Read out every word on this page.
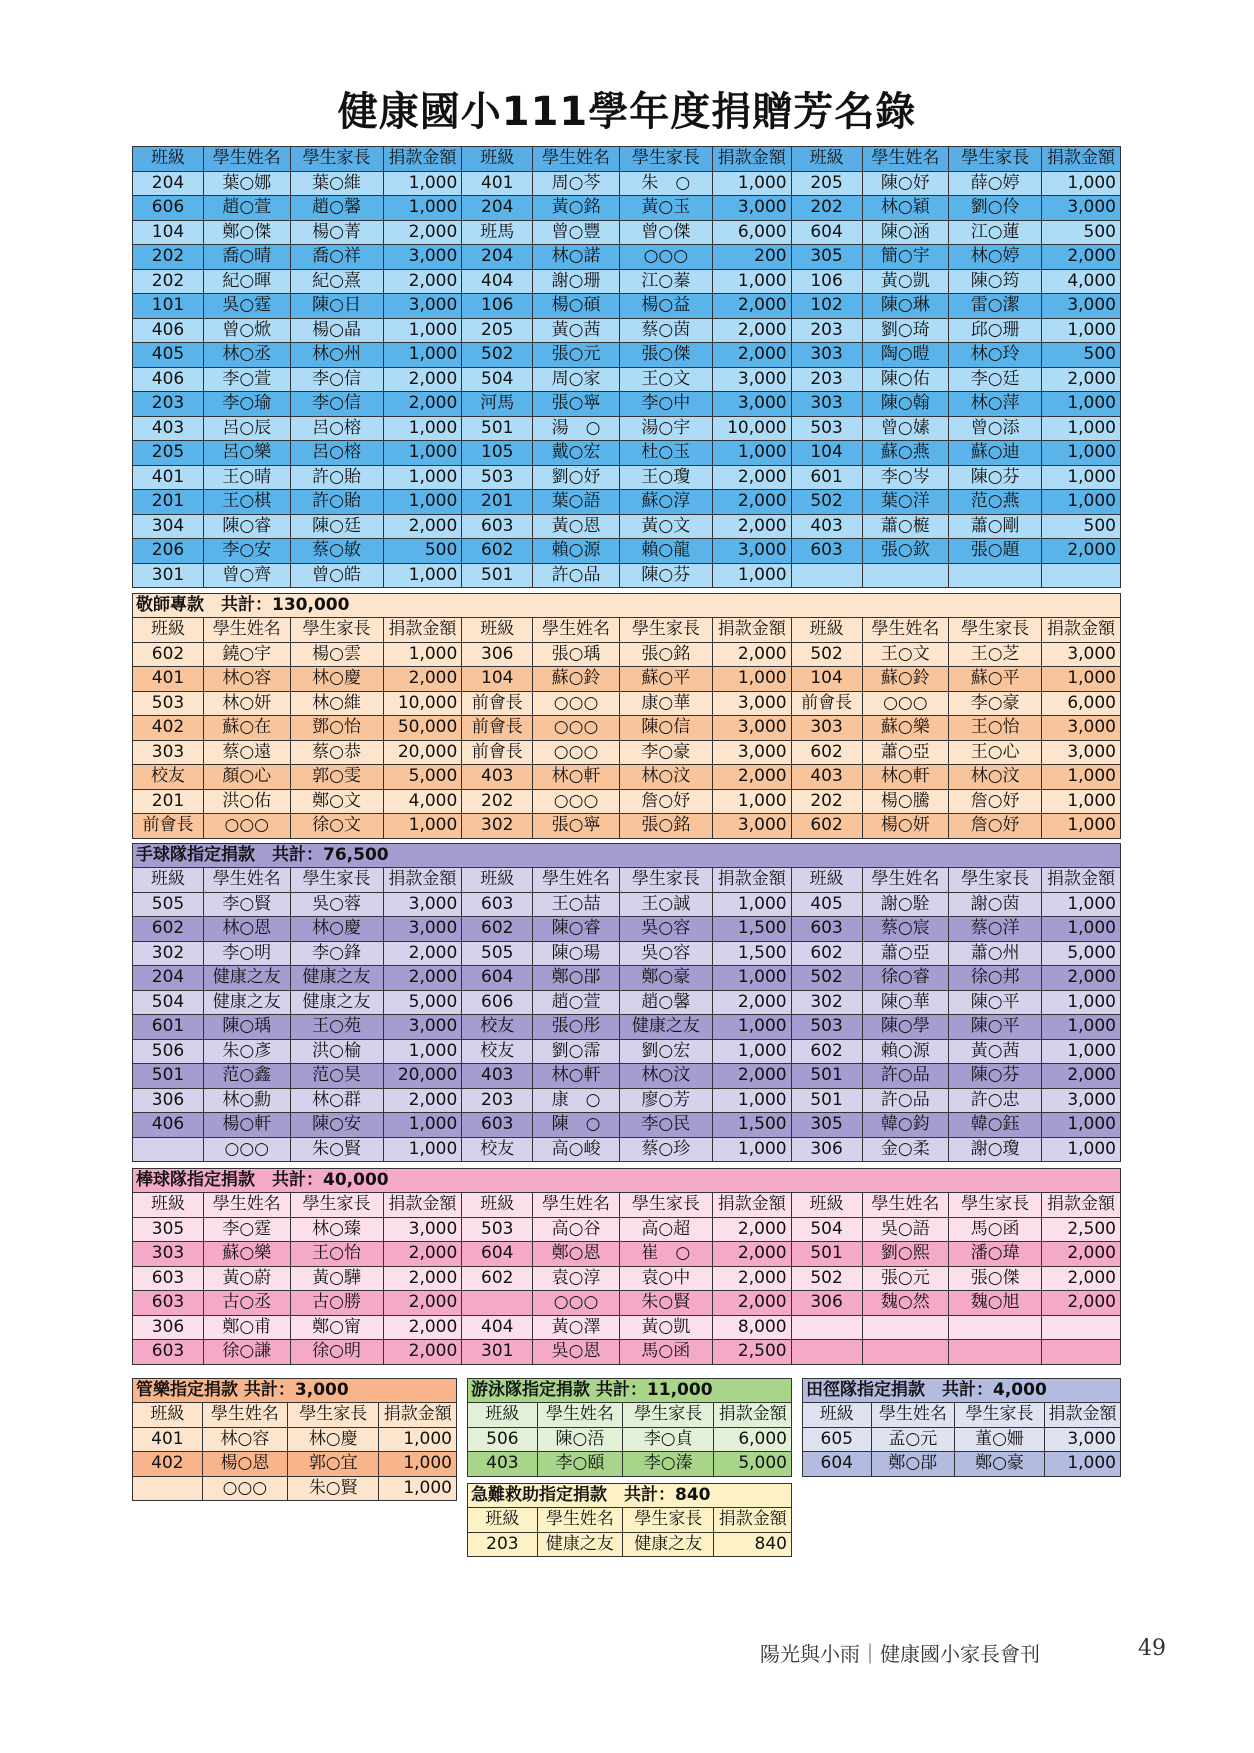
健康國小111學年度捐贈芳名錄
班級	學生姓名	學生家長	捐款金額	班級	學生姓名	學生家長	捐款金額	班級	學生姓名	學生家長	捐款金額
204	葉○娜	葉○維	1,000	401	周○芩	朱　○	1,000	205	陳○妤	薛○婷	1,000
606	趙○萱	趙○馨	1,000	204	黃○銘	黃○玉	3,000	202	林○穎	劉○伶	3,000
104	鄭○傑	楊○菁	2,000	班馬	曾○豐	曾○傑	6,000	604	陳○涵	江○蓮	500
202	喬○晴	喬○祥	3,000	204	林○諾	○○○	200	305	簡○宇	林○婷	2,000
202	紀○暉	紀○熹	2,000	404	謝○珊	江○蓁	1,000	106	黃○凱	陳○筠	4,000
101	吳○霆	陳○日	3,000	106	楊○碩	楊○益	2,000	102	陳○琳	雷○潔	3,000
406	曾○焮	楊○晶	1,000	205	黃○茜	蔡○茵	2,000	203	劉○琦	邱○珊	1,000
405	林○丞	林○州	1,000	502	張○元	張○傑	2,000	303	陶○暟	林○玲	500
406	李○萱	李○信	2,000	504	周○家	王○文	3,000	203	陳○佑	李○廷	2,000
203	李○瑜	李○信	2,000	河馬	張○寧	李○中	3,000	303	陳○翰	林○萍	1,000
403	呂○辰	呂○榕	1,000	501	湯　○	湯○宇	10,000	503	曾○嫊	曾○添	1,000
205	呂○樂	呂○榕	1,000	105	戴○宏	杜○玉	1,000	104	蘇○燕	蘇○迪	1,000
401	王○晴	許○貽	1,000	503	劉○妤	王○瓊	2,000	601	李○岑	陳○芬	1,000
201	王○棋	許○貽	1,000	201	葉○語	蘇○淳	2,000	502	葉○洋	范○燕	1,000
304	陳○睿	陳○廷	2,000	603	黃○恩	黃○文	2,000	403	蕭○榳	蕭○剛	500
206	李○安	蔡○敏	500	602	賴○源	賴○龍	3,000	603	張○欽	張○題	2,000
301	曾○齊	曾○皓	1,000	501	許○品	陳○芬	1,000				
敬師專款　共計：130,000
班級	學生姓名	學生家長	捐款金額	班級	學生姓名	學生家長	捐款金額	班級	學生姓名	學生家長	捐款金額
602	鐃○宇	楊○雲	1,000	306	張○瑀	張○銘	2,000	502	王○文	王○芝	3,000
401	林○容	林○慶	2,000	104	蘇○鈴	蘇○平	1,000	104	蘇○鈴	蘇○平	1,000
503	林○妍	林○維	10,000	前會長	○○○	康○華	3,000	前會長	○○○	李○豪	6,000
402	蘇○在	鄧○怡	50,000	前會長	○○○	陳○信	3,000	303	蘇○樂	王○怡	3,000
303	蔡○遠	蔡○恭	20,000	前會長	○○○	李○豪	3,000	602	蕭○亞	王○心	3,000
校友	顏○心	郭○雯	5,000	403	林○軒	林○汶	2,000	403	林○軒	林○汶	1,000
201	洪○佑	鄭○文	4,000	202	○○○	詹○妤	1,000	202	楊○騰	詹○妤	1,000
前會長	○○○	徐○文	1,000	302	張○寧	張○銘	3,000	602	楊○妍	詹○妤	1,000
手球隊指定捐款　共計：76,500
班級	學生姓名	學生家長	捐款金額	班級	學生姓名	學生家長	捐款金額	班級	學生姓名	學生家長	捐款金額
505	李○賢	吳○蓉	3,000	603	王○喆	王○誠	1,000	405	謝○駩	謝○茵	1,000
602	林○恩	林○慶	3,000	602	陳○睿	吳○容	1,500	603	蔡○宸	蔡○洋	1,000
302	李○明	李○鋒	2,000	505	陳○瑒	吳○容	1,500	602	蕭○亞	蕭○州	5,000
204	健康之友	健康之友	2,000	604	鄭○郘	鄭○豪	1,000	502	徐○睿	徐○邦	2,000
504	健康之友	健康之友	5,000	606	趙○萱	趙○馨	2,000	302	陳○華	陳○平	1,000
601	陳○瑀	王○苑	3,000	校友	張○彤	健康之友	1,000	503	陳○學	陳○平	1,000
506	朱○彥	洪○榆	1,000	校友	劉○霈	劉○宏	1,000	602	賴○源	黃○茜	1,000
501	范○鑫	范○昊	20,000	403	林○軒	林○汶	2,000	501	許○品	陳○芬	2,000
306	林○勳	林○群	2,000	203	康　○	廖○芳	1,000	501	許○品	許○忠	3,000
406	楊○軒	陳○安	1,000	603	陳　○	李○民	1,500	305	韓○鈞	韓○鈺	1,000
	○○○	朱○賢	1,000	校友	高○峻	蔡○珍	1,000	306	金○柔	謝○瓊	1,000
棒球隊指定捐款　共計：40,000
班級	學生姓名	學生家長	捐款金額	班級	學生姓名	學生家長	捐款金額	班級	學生姓名	學生家長	捐款金額
305	李○霆	林○臻	3,000	503	高○谷	高○超	2,000	504	吳○語	馬○函	2,500
303	蘇○樂	王○怡	2,000	604	鄭○恩	崔　○	2,000	501	劉○熙	潘○瑋	2,000
603	黃○蔚	黃○驊	2,000	602	袁○淳	袁○中	2,000	502	張○元	張○傑	2,000
603	古○丞	古○勝	2,000		○○○	朱○賢	2,000	306	魏○然	魏○旭	2,000
306	鄭○甫	鄭○甯	2,000	404	黃○澤	黃○凱	8,000				
603	徐○謙	徐○明	2,000	301	吳○恩	馬○函	2,500				
管樂指定捐款 共計：3,000
班級	學生姓名	學生家長	捐款金額
401	林○容	林○慶	1,000
402	楊○恩	郭○宜	1,000
	○○○	朱○賢	1,000
游泳隊指定捐款 共計：11,000
班級	學生姓名	學生家長	捐款金額
506	陳○浯	李○貞	6,000
403	李○頤	李○溱	5,000
田徑隊指定捐款　共計：4,000
班級	學生姓名	學生家長	捐款金額
605	孟○元	董○姍	3,000
604	鄭○郘	鄭○豪	1,000
急難救助指定捐款　共計：840
班級	學生姓名	學生家長	捐款金額
203	健康之友	健康之友	840
陽光與小雨｜健康國小家長會刊	49
